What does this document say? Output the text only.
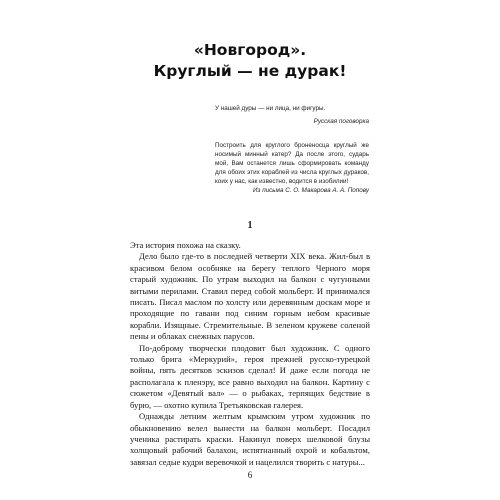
«Новгород».
Круглый — не дурак!
У нашей дуры — ни лица, ни фигуры.
Русская поговорка
Построить для круглого броненосца круглый же носимый минный катер? Да после этого, сударь мой, Вам останется лишь сформировать команду для обоих этих кораблей из числа круглых дураков, коих у нас, как известно, водится в изобилии!
Из письма С. О. Макарова А. А. Попову
1

Эта история похожа на сказку.

Дело было где-то в последней четверти XIX века. Жил-был в красивом белом особняке на берегу теплого Черного моря старый художник. По утрам выходил на балкон с чугунными витыми перилами. Ставил перед собой мольберт. И принимался писать. Писал маслом по холсту или деревянным доскам море и проходящие по гавани под синим горным небом красивые корабли. Изящные. Стремительные. В зеленом кружеве соленой пены и облаках снежных парусов.

По-доброму творчески плодовит был художник. С одного только брига «Меркурий», героя прежней русско-турецкой войны, пять десятков эскизов сделал! И даже если погода не располагала к пленэру, все равно выходил на балкон. Картину с сюжетом «Девятый вал» — о рыбаках, терпящих бедствие в бурю, — охотно купила Третьяковская галерея.

Однажды летним желтым крымским утром художник по обыкновению велел вынести на балкон мольберт. Посадил ученика растирать краски. Накинул поверх шелковой блузы холщовый рабочий балахон, испятнанный охрой и кобальтом, завязал седые кудри веревочкой и нацелился творить с натуры...

6
